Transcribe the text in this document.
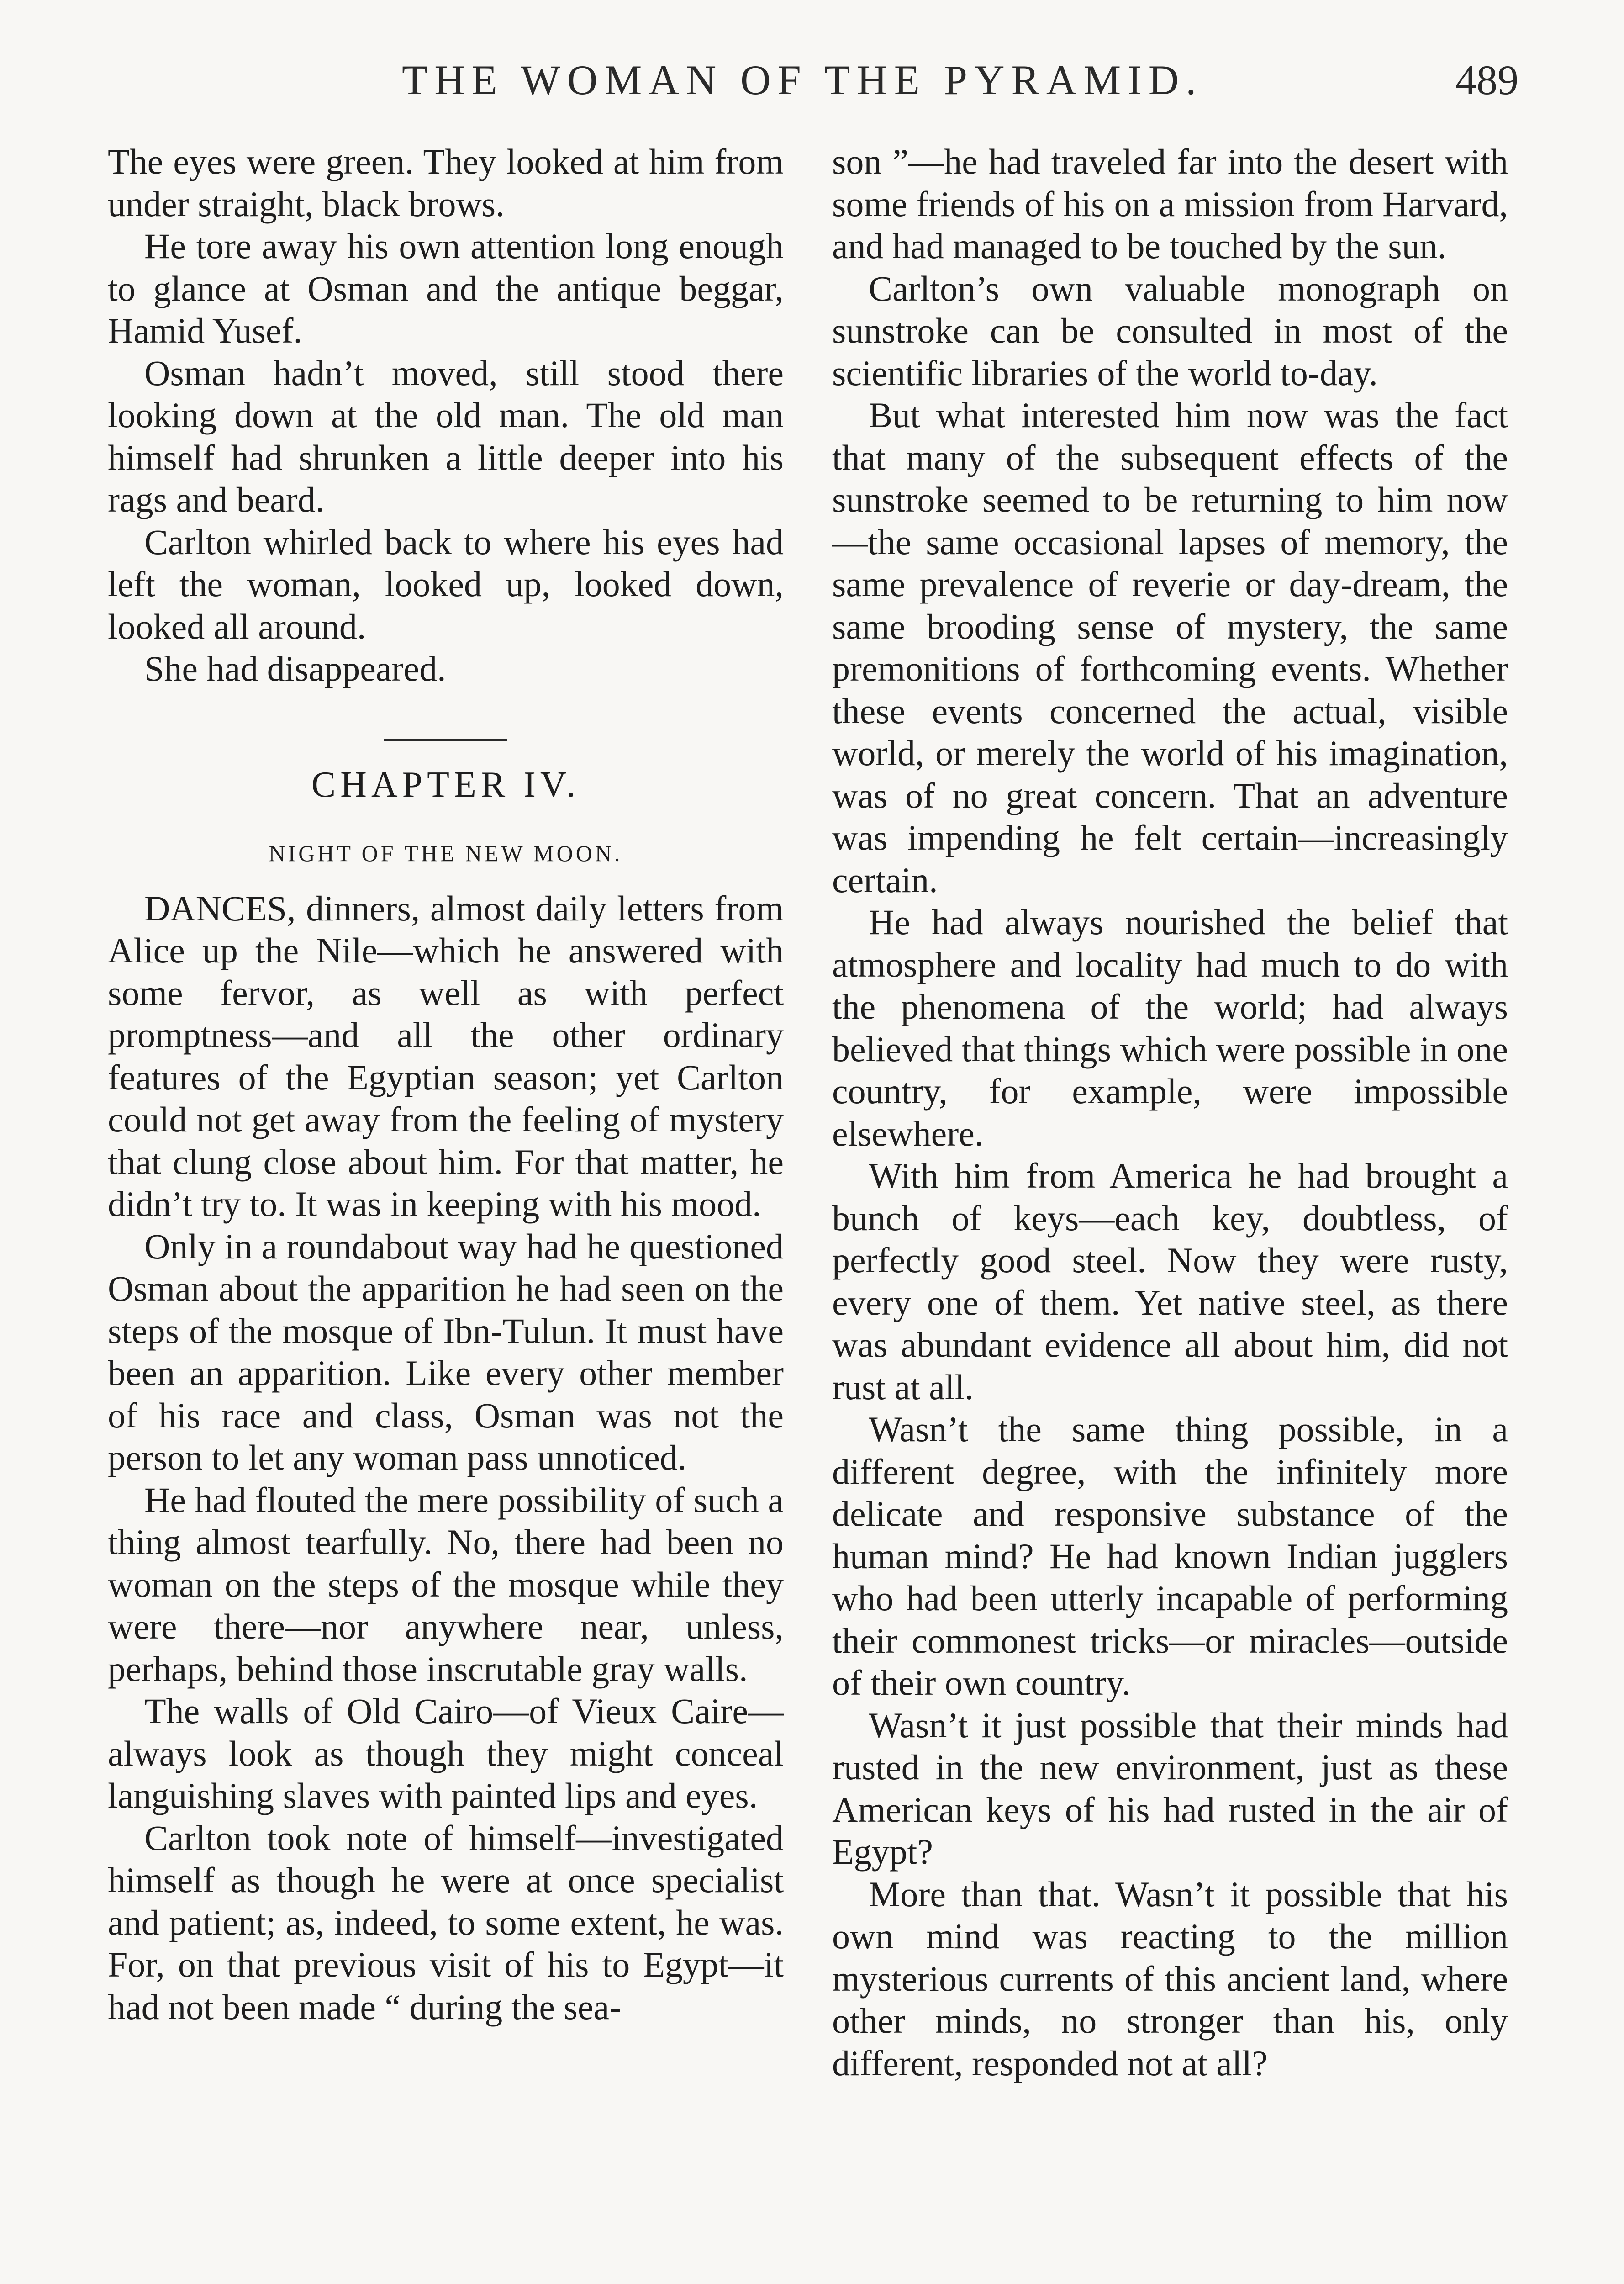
THE WOMAN OF THE PYRAMID.	489

The eyes were green. They looked at him from under straight, black brows.

He tore away his own attention long enough to glance at Osman and the antique beggar, Hamid Yusef.

Osman hadn’t moved, still stood there looking down at the old man. The old man himself had shrunken a little deeper into his rags and beard.

Carlton whirled back to where his eyes had left the woman, looked up, looked down, looked all around.

She had disappeared.

CHAPTER IV.
NIGHT OF THE NEW MOON.

DANCES, dinners, almost daily letters from Alice up the Nile—which he answered with some fervor, as well as with perfect promptness—and all the other ordinary features of the Egyptian season; yet Carlton could not get away from the feeling of mystery that clung close about him. For that matter, he didn’t try to. It was in keeping with his mood.

Only in a roundabout way had he questioned Osman about the apparition he had seen on the steps of the mosque of Ibn-Tulun. It must have been an apparition. Like every other member of his race and class, Osman was not the person to let any woman pass unnoticed.

He had flouted the mere possibility of such a thing almost tearfully. No, there had been no woman on the steps of the mosque while they were there—nor anywhere near, unless, perhaps, behind those inscrutable gray walls.

The walls of Old Cairo—of Vieux Caire—always look as though they might conceal languishing slaves with painted lips and eyes.

Carlton took note of himself—investigated himself as though he were at once specialist and patient; as, indeed, to some extent, he was. For, on that previous visit of his to Egypt—it had not been made “ during the sea-

son ”—he had traveled far into the desert with some friends of his on a mission from Harvard, and had managed to be touched by the sun.

Carlton’s own valuable monograph on sunstroke can be consulted in most of the scientific libraries of the world to-day.

But what interested him now was the fact that many of the subsequent effects of the sunstroke seemed to be returning to him now—the same occasional lapses of memory, the same prevalence of reverie or day-dream, the same brooding sense of mystery, the same premonitions of forthcoming events. Whether these events concerned the actual, visible world, or merely the world of his imagination, was of no great concern. That an adventure was impending he felt certain—increasingly certain.

He had always nourished the belief that atmosphere and locality had much to do with the phenomena of the world; had always believed that things which were possible in one country, for example, were impossible elsewhere.

With him from America he had brought a bunch of keys—each key, doubtless, of perfectly good steel. Now they were rusty, every one of them. Yet native steel, as there was abundant evidence all about him, did not rust at all.

Wasn’t the same thing possible, in a different degree, with the infinitely more delicate and responsive substance of the human mind? He had known Indian jugglers who had been utterly incapable of performing their commonest tricks—or miracles—outside of their own country.

Wasn’t it just possible that their minds had rusted in the new environment, just as these American keys of his had rusted in the air of Egypt?

More than that. Wasn’t it possible that his own mind was reacting to the million mysterious currents of this ancient land, where other minds, no stronger than his, only different, responded not at all?
